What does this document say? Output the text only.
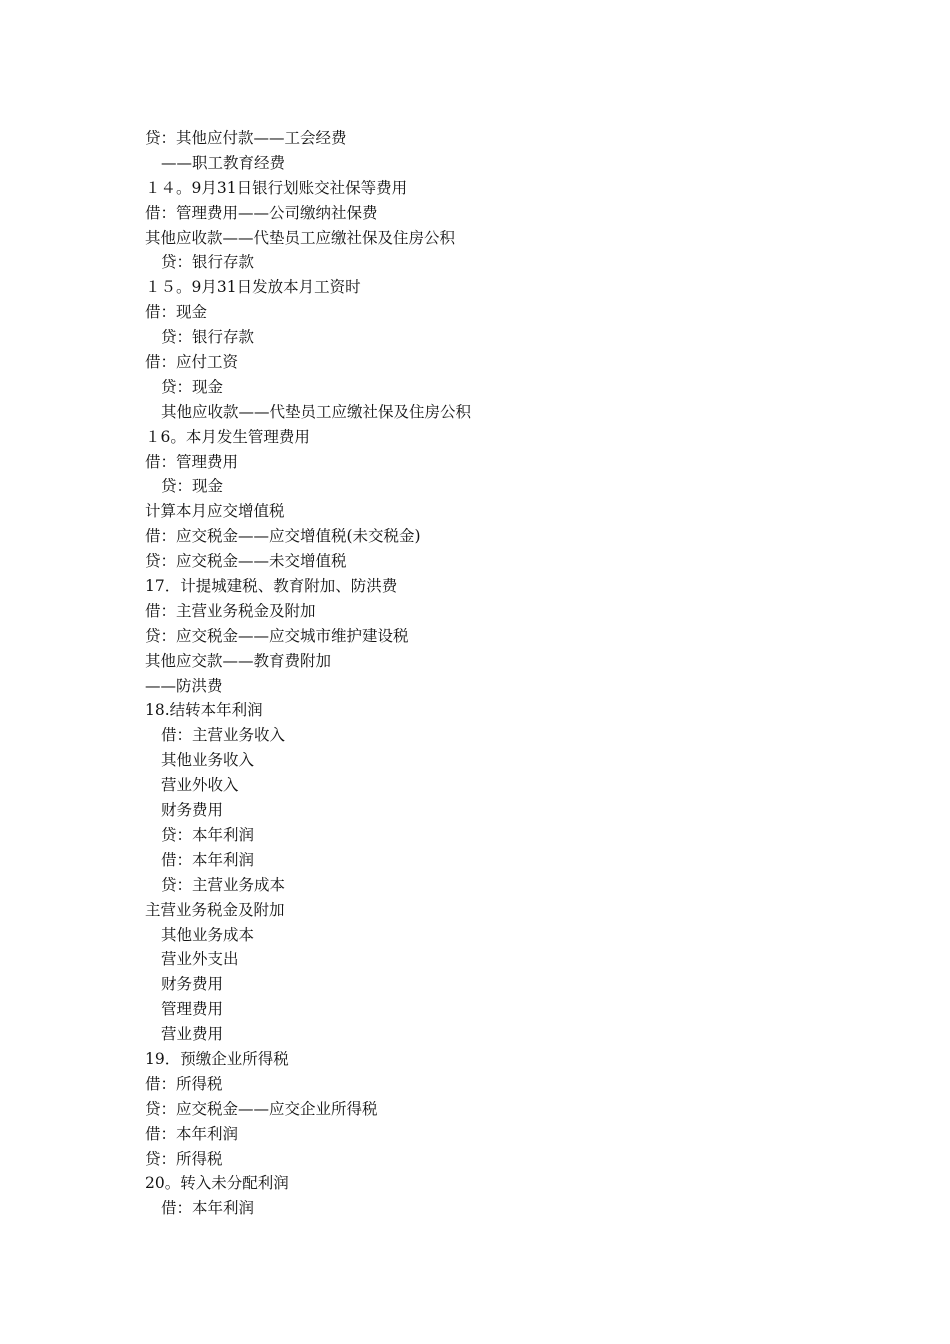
贷：其他应付款——工会经费
——职工教育经费
１４。9月31日银行划账交社保等费用
借：管理费用——公司缴纳社保费
其他应收款——代垫员工应缴社保及住房公积
贷：银行存款
１５。9月31日发放本月工资时
借：现金
贷：银行存款
借：应付工资
贷：现金
其他应收款——代垫员工应缴社保及住房公积
１6。本月发生管理费用
借：管理费用
贷：现金
计算本月应交增值税
借：应交税金——应交增值税(未交税金)
贷：应交税金——未交增值税
17．计提城建税、教育附加、防洪费
借：主营业务税金及附加
贷：应交税金——应交城市维护建设税
其他应交款——教育费附加
——防洪费
18.结转本年利润
借：主营业务收入
其他业务收入
营业外收入
财务费用
贷：本年利润
借：本年利润
贷：主营业务成本
主营业务税金及附加
其他业务成本
营业外支出
财务费用
管理费用
营业费用
19．预缴企业所得税
借：所得税
贷：应交税金——应交企业所得税
借：本年利润
贷：所得税
20。转入未分配利润
借：本年利润
